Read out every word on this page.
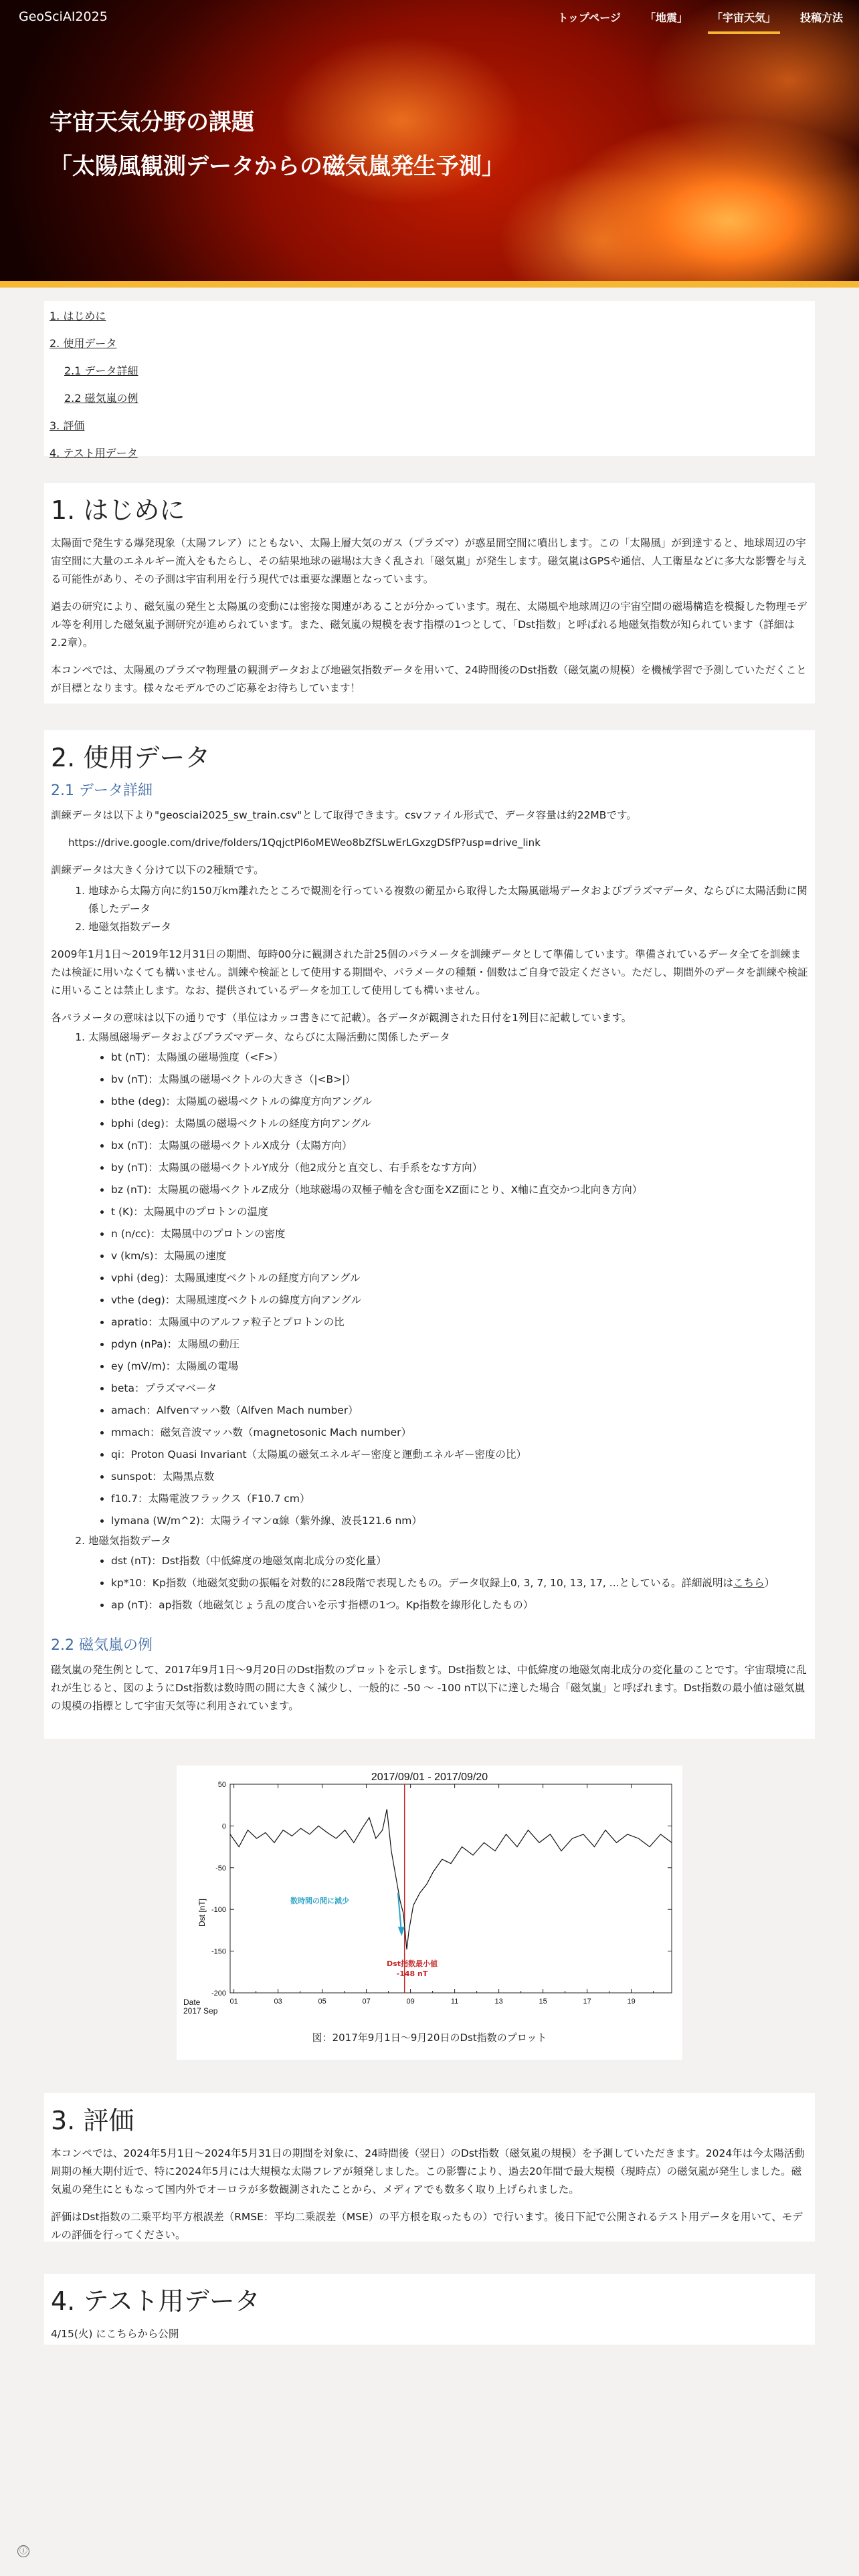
GeoSciAI2025	トップページ 「地震」 「宇宙天気」 投稿方法
宇宙天気分野の課題
「太陽風観測データからの磁気嵐発生予測」
1. はじめに
2. 使用データ
2.1 データ詳細
2.2 磁気嵐の例
3. 評価
4. テスト用データ
1. はじめに

太陽面で発生する爆発現象（太陽フレア）にともない、太陽上層大気のガス（プラズマ）が惑星間空間に噴出します。この「太陽風」が到達すると、地球周辺の宇宙空間に大量のエネルギー流入をもたらし、その結果地球の磁場は大きく乱され「磁気嵐」が発生します。磁気嵐はGPSや通信、人工衛星などに多大な影響を与える可能性があり、その予測は宇宙利用を行う現代では重要な課題となっています。

過去の研究により、磁気嵐の発生と太陽風の変動には密接な関連があることが分かっています。現在、太陽風や地球周辺の宇宙空間の磁場構造を模擬した物理モデル等を利用した磁気嵐予測研究が進められています。また、磁気嵐の規模を表す指標の1つとして、「Dst指数」と呼ばれる地磁気指数が知られています（詳細は2.2章）。

本コンペでは、太陽風のプラズマ物理量の観測データおよび地磁気指数データを用いて、24時間後のDst指数（磁気嵐の規模）を機械学習で予測していただくことが目標となります。様々なモデルでのご応募をお待ちしています！

2. 使用データ
2.1 データ詳細

訓練データは以下より"geosciai2025_sw_train.csv"として取得できます。csvファイル形式で、データ容量は約22MBです。

https://drive.google.com/drive/folders/1QqjctPl6oMEWeo8bZfSLwErLGxzgDSfP?usp=drive_link

訓練データは大きく分けて以下の2種類です。

1. 地球から太陽方向に約150万km離れたところで観測を行っている複数の衛星から取得した太陽風磁場データおよびプラズマデータ、ならびに太陽活動に関係したデータ
2. 地磁気指数データ

2009年1月1日〜2019年12月31日の期間、毎時00分に観測された計25個のパラメータを訓練データとして準備しています。準備されているデータ全てを訓練または検証に用いなくても構いません。訓練や検証として使用する期間や、パラメータの種類・個数はご自身で設定ください。ただし、期間外のデータを訓練や検証に用いることは禁止します。なお、提供されているデータを加工して使用しても構いません。

各パラメータの意味は以下の通りです（単位はカッコ書きにて記載）。各データが観測された日付を1列目に記載しています。

1. 太陽風磁場データおよびプラズマデータ、ならびに太陽活動に関係したデータ
• bt (nT)：太陽風の磁場強度（<F>）
• bv (nT)：太陽風の磁場ベクトルの大きさ（|<B>|）
• bthe (deg)：太陽風の磁場ベクトルの緯度方向アングル
• bphi (deg)：太陽風の磁場ベクトルの経度方向アングル
• bx (nT)：太陽風の磁場ベクトルX成分（太陽方向）
• by (nT)：太陽風の磁場ベクトルY成分（他2成分と直交し、右手系をなす方向）
• bz (nT)：太陽風の磁場ベクトルZ成分（地球磁場の双極子軸を含む面をXZ面にとり、X軸に直交かつ北向き方向）
• t (K)：太陽風中のプロトンの温度
• n (n/cc)：太陽風中のプロトンの密度
• v (km/s)：太陽風の速度
• vphi (deg)：太陽風速度ベクトルの経度方向アングル
• vthe (deg)：太陽風速度ベクトルの緯度方向アングル
• apratio：太陽風中のアルファ粒子とプロトンの比
• pdyn (nPa)：太陽風の動圧
• ey (mV/m)：太陽風の電場
• beta：プラズマベータ
• amach：Alfvenマッハ数（Alfven Mach number）
• mmach：磁気音波マッハ数（magnetosonic Mach number）
• qi：Proton Quasi Invariant（太陽風の磁気エネルギー密度と運動エネルギー密度の比）
• sunspot：太陽黒点数
• f10.7：太陽電波フラックス（F10.7 cm）
• lymana (W/m^2)：太陽ライマンα線（紫外線、波長121.6 nm）
2. 地磁気指数データ
• dst (nT)：Dst指数（中低緯度の地磁気南北成分の変化量）
• kp*10：Kp指数（地磁気変動の振幅を対数的に28段階で表現したもの。データ収録上0, 3, 7, 10, 13, 17, ...としている。詳細説明はこちら）
• ap (nT)：ap指数（地磁気じょう乱の度合いを示す指標の1つ。Kp指数を線形化したもの）
2.2 磁気嵐の例

磁気嵐の発生例として、2017年9月1日〜9月20日のDst指数のプロットを示します。Dst指数とは、中低緯度の地磁気南北成分の変化量のことです。宇宙環境に乱れが生じると、図のようにDst指数は数時間の間に大きく減少し、一般的に -50 〜 -100 nT以下に達した場合「磁気嵐」と呼ばれます。Dst指数の最小値は磁気嵐の規模の指標として宇宙天気等に利用されています。

2017/09/01 - 2017/09/20
Dst [nT]
Date
2017 Sep
50
0
-50
-100
-150
-200
01	03	05	07	09	11	13	15	17	19
数時間の間に減少
Dst指数最小値
-148 nT
図：2017年9月1日〜9月20日のDst指数のプロット
3. 評価

本コンペでは、2024年5月1日〜2024年5月31日の期間を対象に、24時間後（翌日）のDst指数（磁気嵐の規模）を予測していただきます。2024年は今太陽活動周期の極大期付近で、特に2024年5月には大規模な太陽フレアが頻発しました。この影響により、過去20年間で最大規模（現時点）の磁気嵐が発生しました。磁気嵐の発生にともなって国内外でオーロラが多数観測されたことから、メディアでも数多く取り上げられました。

評価はDst指数の二乗平均平方根誤差（RMSE：平均二乗誤差（MSE）の平方根を取ったもの）で行います。後日下記で公開されるテスト用データを用いて、モデルの評価を行ってください。

4. テスト用データ

4/15(火) にこちらから公開

ⓘ
